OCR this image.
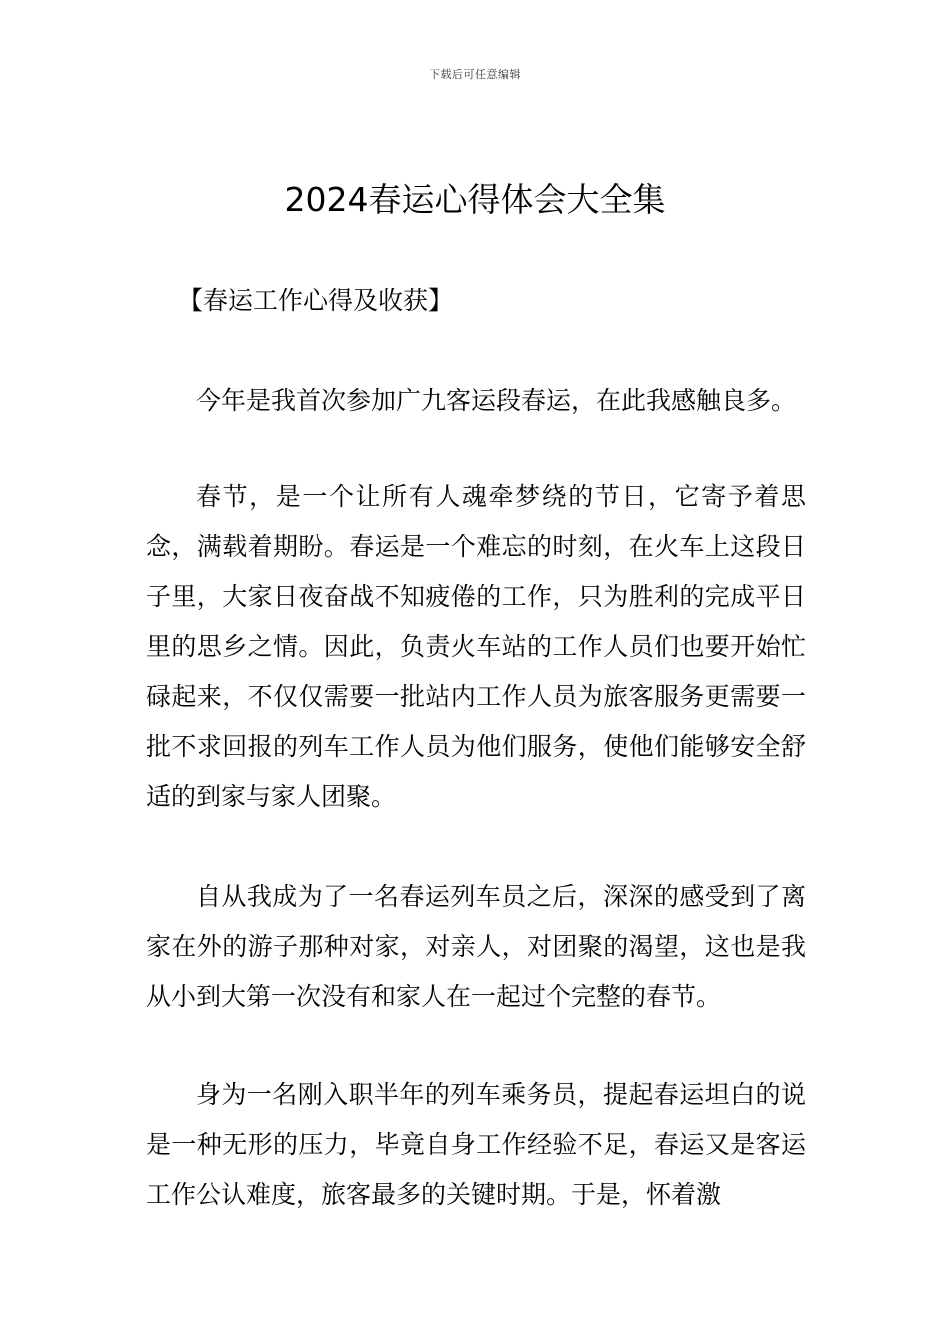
下载后可任意编辑
2024春运心得体会大全集
【春运工作心得及收获】

今年是我首次参加广九客运段春运，在此我感触良多。

春节，是一个让所有人魂牵梦绕的节日，它寄予着思念，满载着期盼。春运是一个难忘的时刻，在火车上这段日子里，大家日夜奋战不知疲倦的工作，只为胜利的完成平日里的思乡之情。因此，负责火车站的工作人员们也要开始忙碌起来，不仅仅需要一批站内工作人员为旅客服务更需要一批不求回报的列车工作人员为他们服务，使他们能够安全舒适的到家与家人团聚。

自从我成为了一名春运列车员之后，深深的感受到了离家在外的游子那种对家，对亲人，对团聚的渴望，这也是我从小到大第一次没有和家人在一起过个完整的春节。

身为一名刚入职半年的列车乘务员，提起春运坦白的说是一种无形的压力，毕竟自身工作经验不足，春运又是客运工作公认难度，旅客最多的关键时期。于是，怀着激
